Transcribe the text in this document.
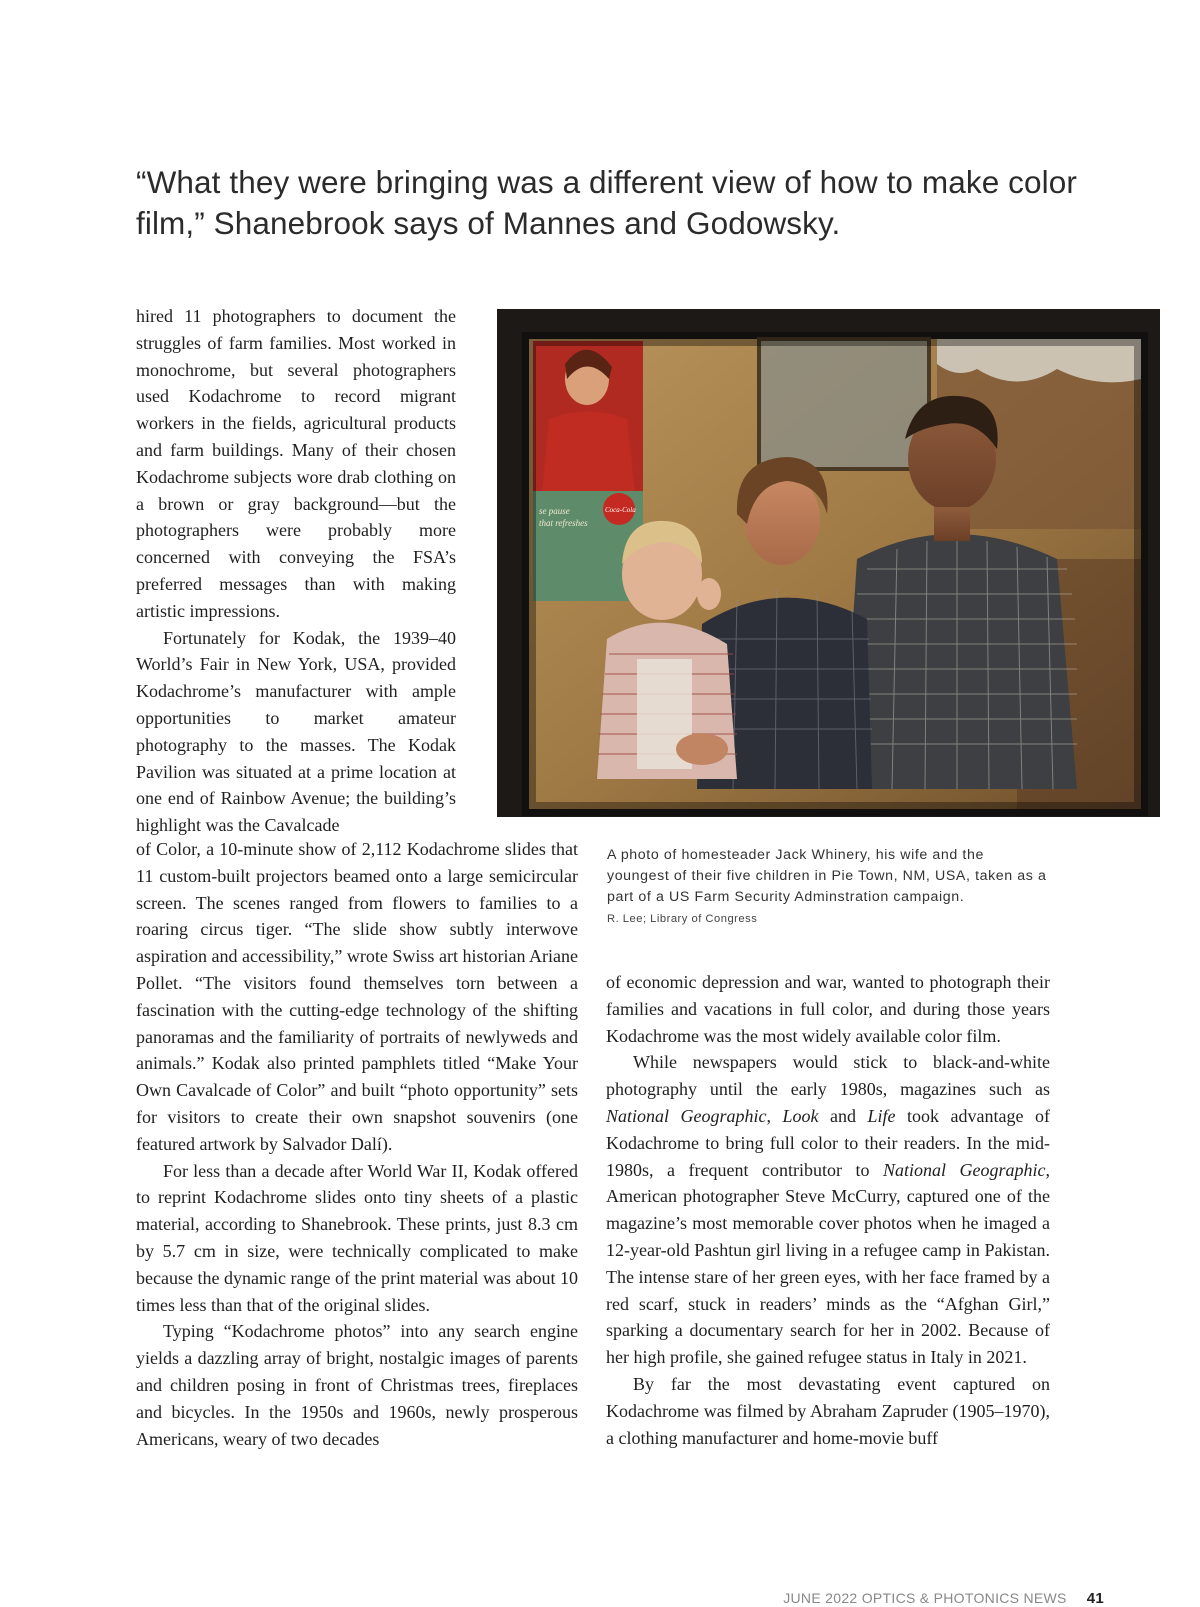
“What they were bringing was a different view of how to make color film,” Shanebrook says of Mannes and Godowsky.

hired 11 photographers to document the struggles of farm families. Most worked in monochrome, but several photographers used Kodachrome to record migrant workers in the fields, agricultural products and farm buildings. Many of their chosen Kodachrome subjects wore drab clothing on a brown or gray background—but the photographers were probably more concerned with conveying the FSA’s preferred messages than with making artistic impressions.

Fortunately for Kodak, the 1939–40 World’s Fair in New York, USA, provided Kodachrome’s manufacturer with ample opportunities to market amateur photography to the masses. The Kodak Pavilion was situated at a prime location at one end of Rainbow Avenue; the building’s highlight was the Cavalcade

of Color, a 10-minute show of 2,112 Kodachrome slides that 11 custom-built projectors beamed onto a large semicircular screen. The scenes ranged from flowers to families to a roaring circus tiger. “The slide show subtly interwove aspiration and accessibility,” wrote Swiss art historian Ariane Pollet. “The visitors found themselves torn between a fascination with the cutting-edge technology of the shifting panoramas and the familiarity of portraits of newlyweds and animals.” Kodak also printed pamphlets titled “Make Your Own Cavalcade of Color” and built “photo opportunity” sets for visitors to create their own snapshot souvenirs (one featured artwork by Salvador Dalí).

For less than a decade after World War II, Kodak offered to reprint Kodachrome slides onto tiny sheets of a plastic material, according to Shanebrook. These prints, just 8.3 cm by 5.7 cm in size, were technically complicated to make because the dynamic range of the print material was about 10 times less than that of the original slides.

Typing “Kodachrome photos” into any search engine yields a dazzling array of bright, nostalgic images of parents and children posing in front of Christmas trees, fireplaces and bicycles. In the 1950s and 1960s, newly prosperous Americans, weary of two decades

se pause
that refreshes
Coca-Cola

A photo of homesteader Jack Whinery, his wife and the youngest of their five children in Pie Town, NM, USA, taken as a part of a US Farm Security Adminstration campaign.

R. Lee; Library of Congress

of economic depression and war, wanted to photograph their families and vacations in full color, and during those years Kodachrome was the most widely available color film.

While newspapers would stick to black-and-white photography until the early 1980s, magazines such as National Geographic, Look and Life took advantage of Kodachrome to bring full color to their readers. In the mid-1980s, a frequent contributor to National Geographic, American photographer Steve McCurry, captured one of the magazine’s most memorable cover photos when he imaged a 12-year-old Pashtun girl living in a refugee camp in Pakistan. The intense stare of her green eyes, with her face framed by a red scarf, stuck in readers’ minds as the “Afghan Girl,” sparking a documentary search for her in 2002. Because of her high profile, she gained refugee status in Italy in 2021.

By far the most devastating event captured on Kodachrome was filmed by Abraham Zapruder (1905–1970), a clothing manufacturer and home-movie buff

JUNE 2022 OPTICS & PHOTONICS NEWS 41
